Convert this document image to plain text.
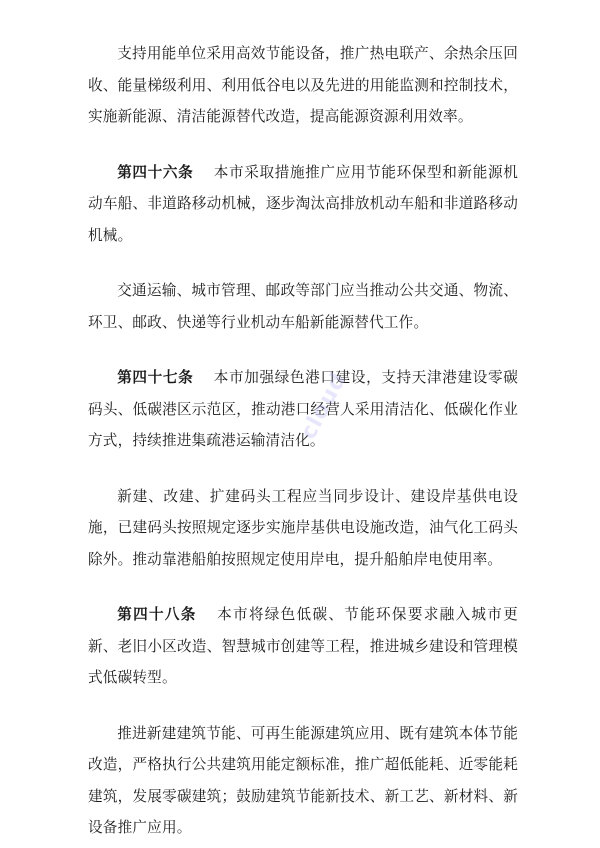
支持用能单位采用高效节能设备，推广热电联产、余热余压回收、能量梯级利用、利用低谷电以及先进的用能监测和控制技术，实施新能源、清洁能源替代改造，提高能源资源利用效率。

第四十六条 本市采取措施推广应用节能环保型和新能源机动车船、非道路移动机械，逐步淘汰高排放机动车船和非道路移动机械。

交通运输、城市管理、邮政等部门应当推动公共交通、物流、环卫、邮政、快递等行业机动车船新能源替代工作。

第四十七条 本市加强绿色港口建设，支持天津港建设零碳码头、低碳港区示范区，推动港口经营人采用清洁化、低碳化作业方式，持续推进集疏港运输清洁化。

新建、改建、扩建码头工程应当同步设计、建设岸基供电设施，已建码头按照规定逐步实施岸基供电设施改造，油气化工码头除外。推动靠港船舶按照规定使用岸电，提升船舶岸电使用率。

第四十八条 本市将绿色低碳、节能环保要求融入城市更新、老旧小区改造、智慧城市创建等工程，推进城乡建设和管理模式低碳转型。

推进新建建筑节能、可再生能源建筑应用、既有建筑本体节能改造，严格执行公共建筑用能定额标准，推广超低能耗、近零能耗建筑，发展零碳建筑；鼓励建筑节能新技术、新工艺、新材料、新设备推广应用。

cloud
